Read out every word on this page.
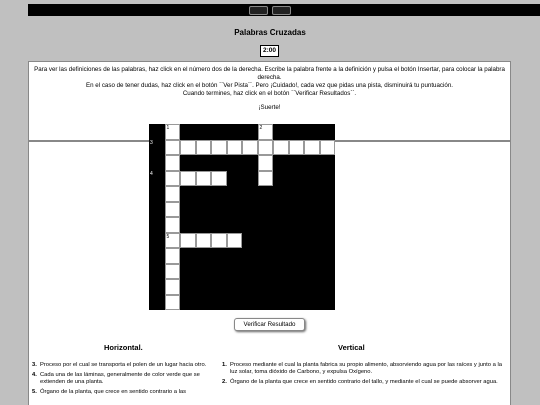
Palabras Cruzadas
2:00

Para ver las definiciones de las palabras, haz click en el número dos de la derecha. Escribe la palabra frente a la definición y pulsa el botón Insertar, para colocar la palabra derecha.

En el caso de tener dudas, haz click en el botón ``Ver Pista``. Pero ¡Cuidado!, cada vez que pidas una pista, disminuirá tu puntuación.

Cuando termines, haz click en el botón ``Verificar Resultados``.

¡Suerte!

1	2
3
4
5
Verificar Resultado
Horizontal.	Vertical
3. Proceso por el cual se transporta el polen de un lugar hacia otro.
4. Cada una de las láminas, generalmente de color verde que se extienden de una planta.
5. Órgano de la planta, que crece en sentido contrario a las
1. Proceso mediante el cual la planta fabrica su propio alimento, absorviendo agua por las raíces y junto a la luz solar, toma dióxido de Carbono, y expulsa Oxígeno.
2. Órgano de la planta que crece en sentido contrario del tallo, y mediante el cual se puede absorver agua.
